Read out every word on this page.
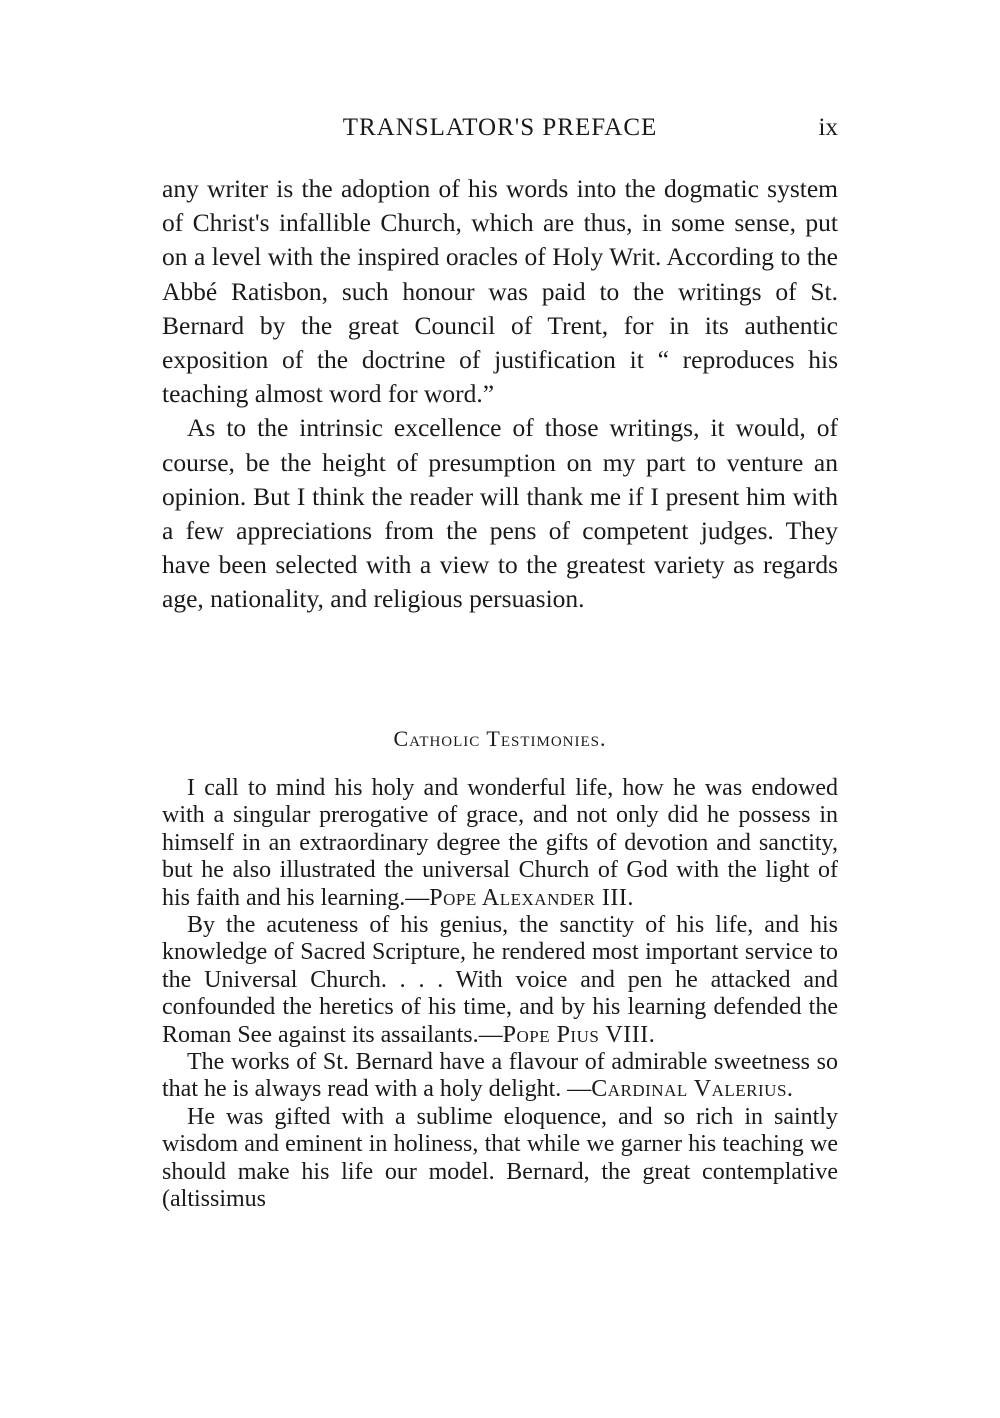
TRANSLATOR'S PREFACE	ix

any writer is the adoption of his words into the dogmatic system of Christ's infallible Church, which are thus, in some sense, put on a level with the inspired oracles of Holy Writ. According to the Abbé Ratisbon, such honour was paid to the writings of St. Bernard by the great Council of Trent, for in its authentic exposition of the doctrine of justification it “ reproduces his teaching almost word for word.”

As to the intrinsic excellence of those writings, it would, of course, be the height of presumption on my part to venture an opinion. But I think the reader will thank me if I present him with a few appreciations from the pens of competent judges. They have been selected with a view to the greatest variety as regards age, nationality, and religious persuasion.

Catholic Testimonies.

I call to mind his holy and wonderful life, how he was endowed with a singular prerogative of grace, and not only did he possess in himself in an extraordinary degree the gifts of devotion and sanctity, but he also illustrated the universal Church of God with the light of his faith and his learning.—Pope Alexander III.

By the acuteness of his genius, the sanctity of his life, and his knowledge of Sacred Scripture, he rendered most important service to the Universal Church. . . . With voice and pen he attacked and confounded the heretics of his time, and by his learning defended the Roman See against its assailants.—Pope Pius VIII.

The works of St. Bernard have a flavour of admirable sweetness so that he is always read with a holy delight. —Cardinal Valerius.

He was gifted with a sublime eloquence, and so rich in saintly wisdom and eminent in holiness, that while we garner his teaching we should make his life our model. Bernard, the great contemplative (altissimus
